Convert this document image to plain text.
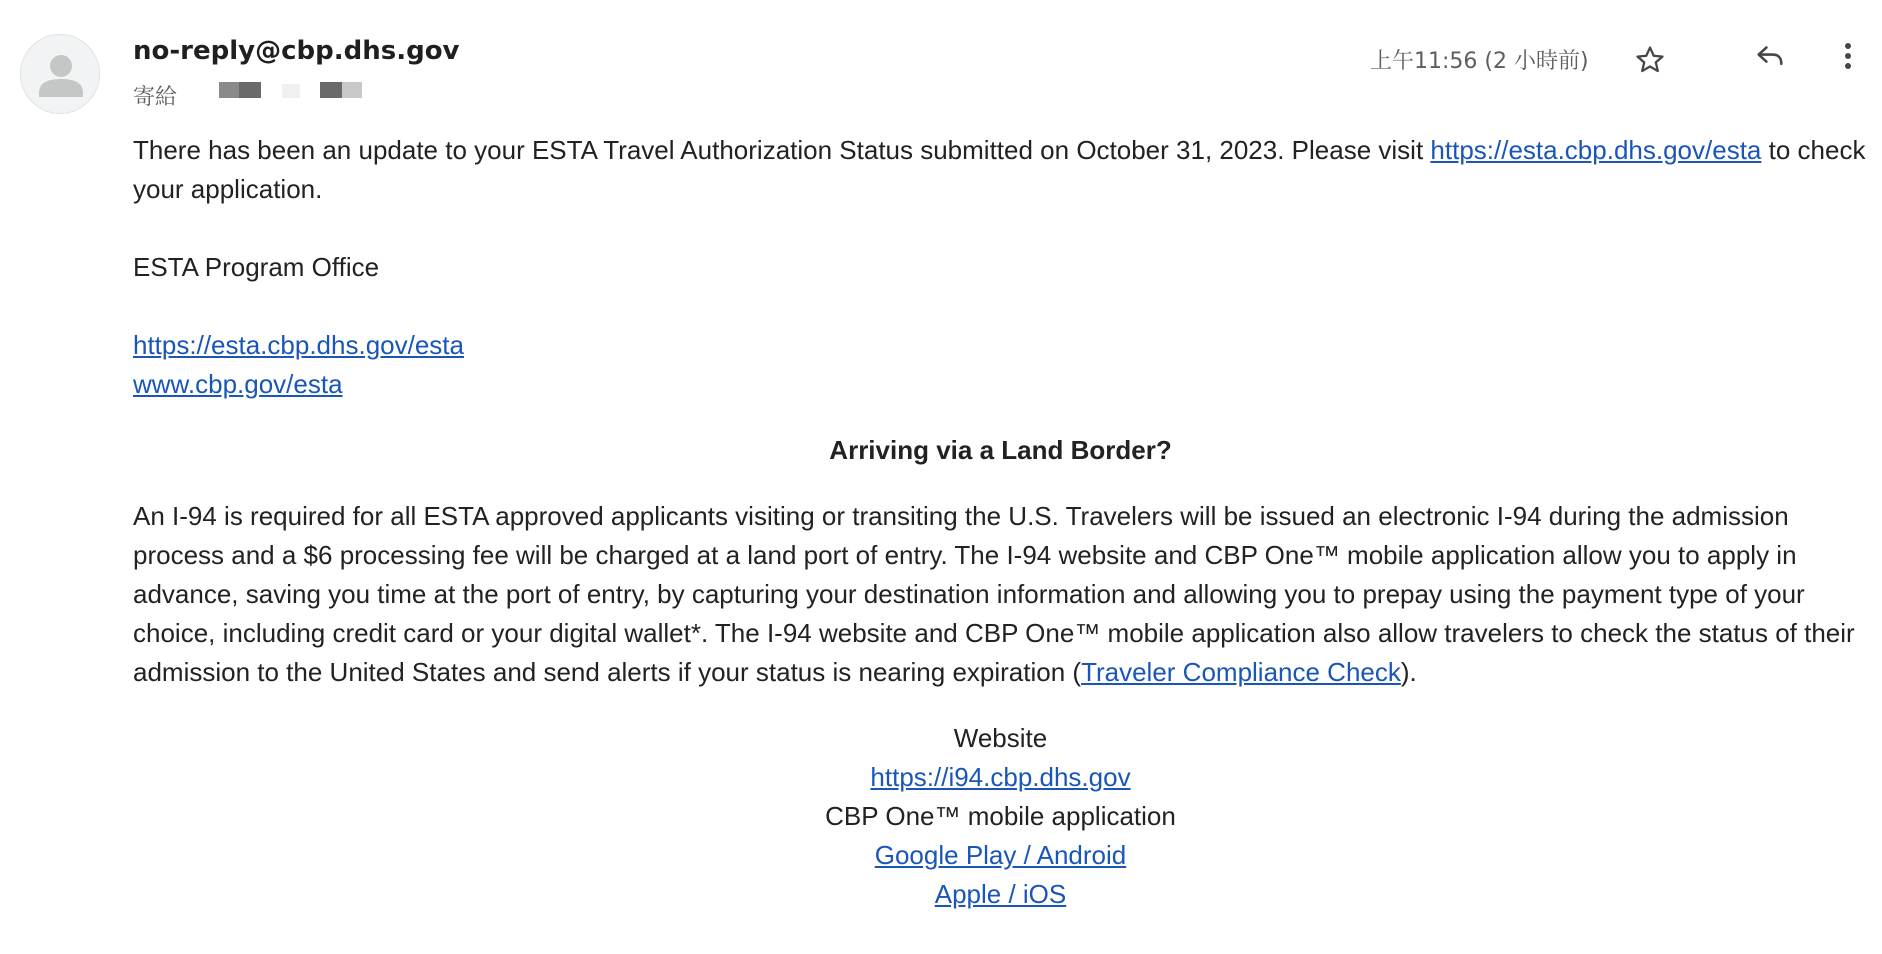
no-reply@cbp.dhs.gov
寄給
上午11:56 (2 小時前)
There has been an update to your ESTA Travel Authorization Status submitted on October 31, 2023. Please visit https://esta.cbp.dhs.gov/esta to check your application.
ESTA Program Office
https://esta.cbp.dhs.gov/esta
www.cbp.gov/esta
Arriving via a Land Border?
An I-94 is required for all ESTA approved applicants visiting or transiting the U.S. Travelers will be issued an electronic I-94 during the admission process and a $6 processing fee will be charged at a land port of entry. The I-94 website and CBP One™ mobile application allow you to apply in advance, saving you time at the port of entry, by capturing your destination information and allowing you to prepay using the payment type of your choice, including credit card or your digital wallet*. The I-94 website and CBP One™ mobile application also allow travelers to check the status of their admission to the United States and send alerts if your status is nearing expiration (Traveler Compliance Check).
Website
https://i94.cbp.dhs.gov
CBP One™ mobile application
Google Play / Android
Apple / iOS
